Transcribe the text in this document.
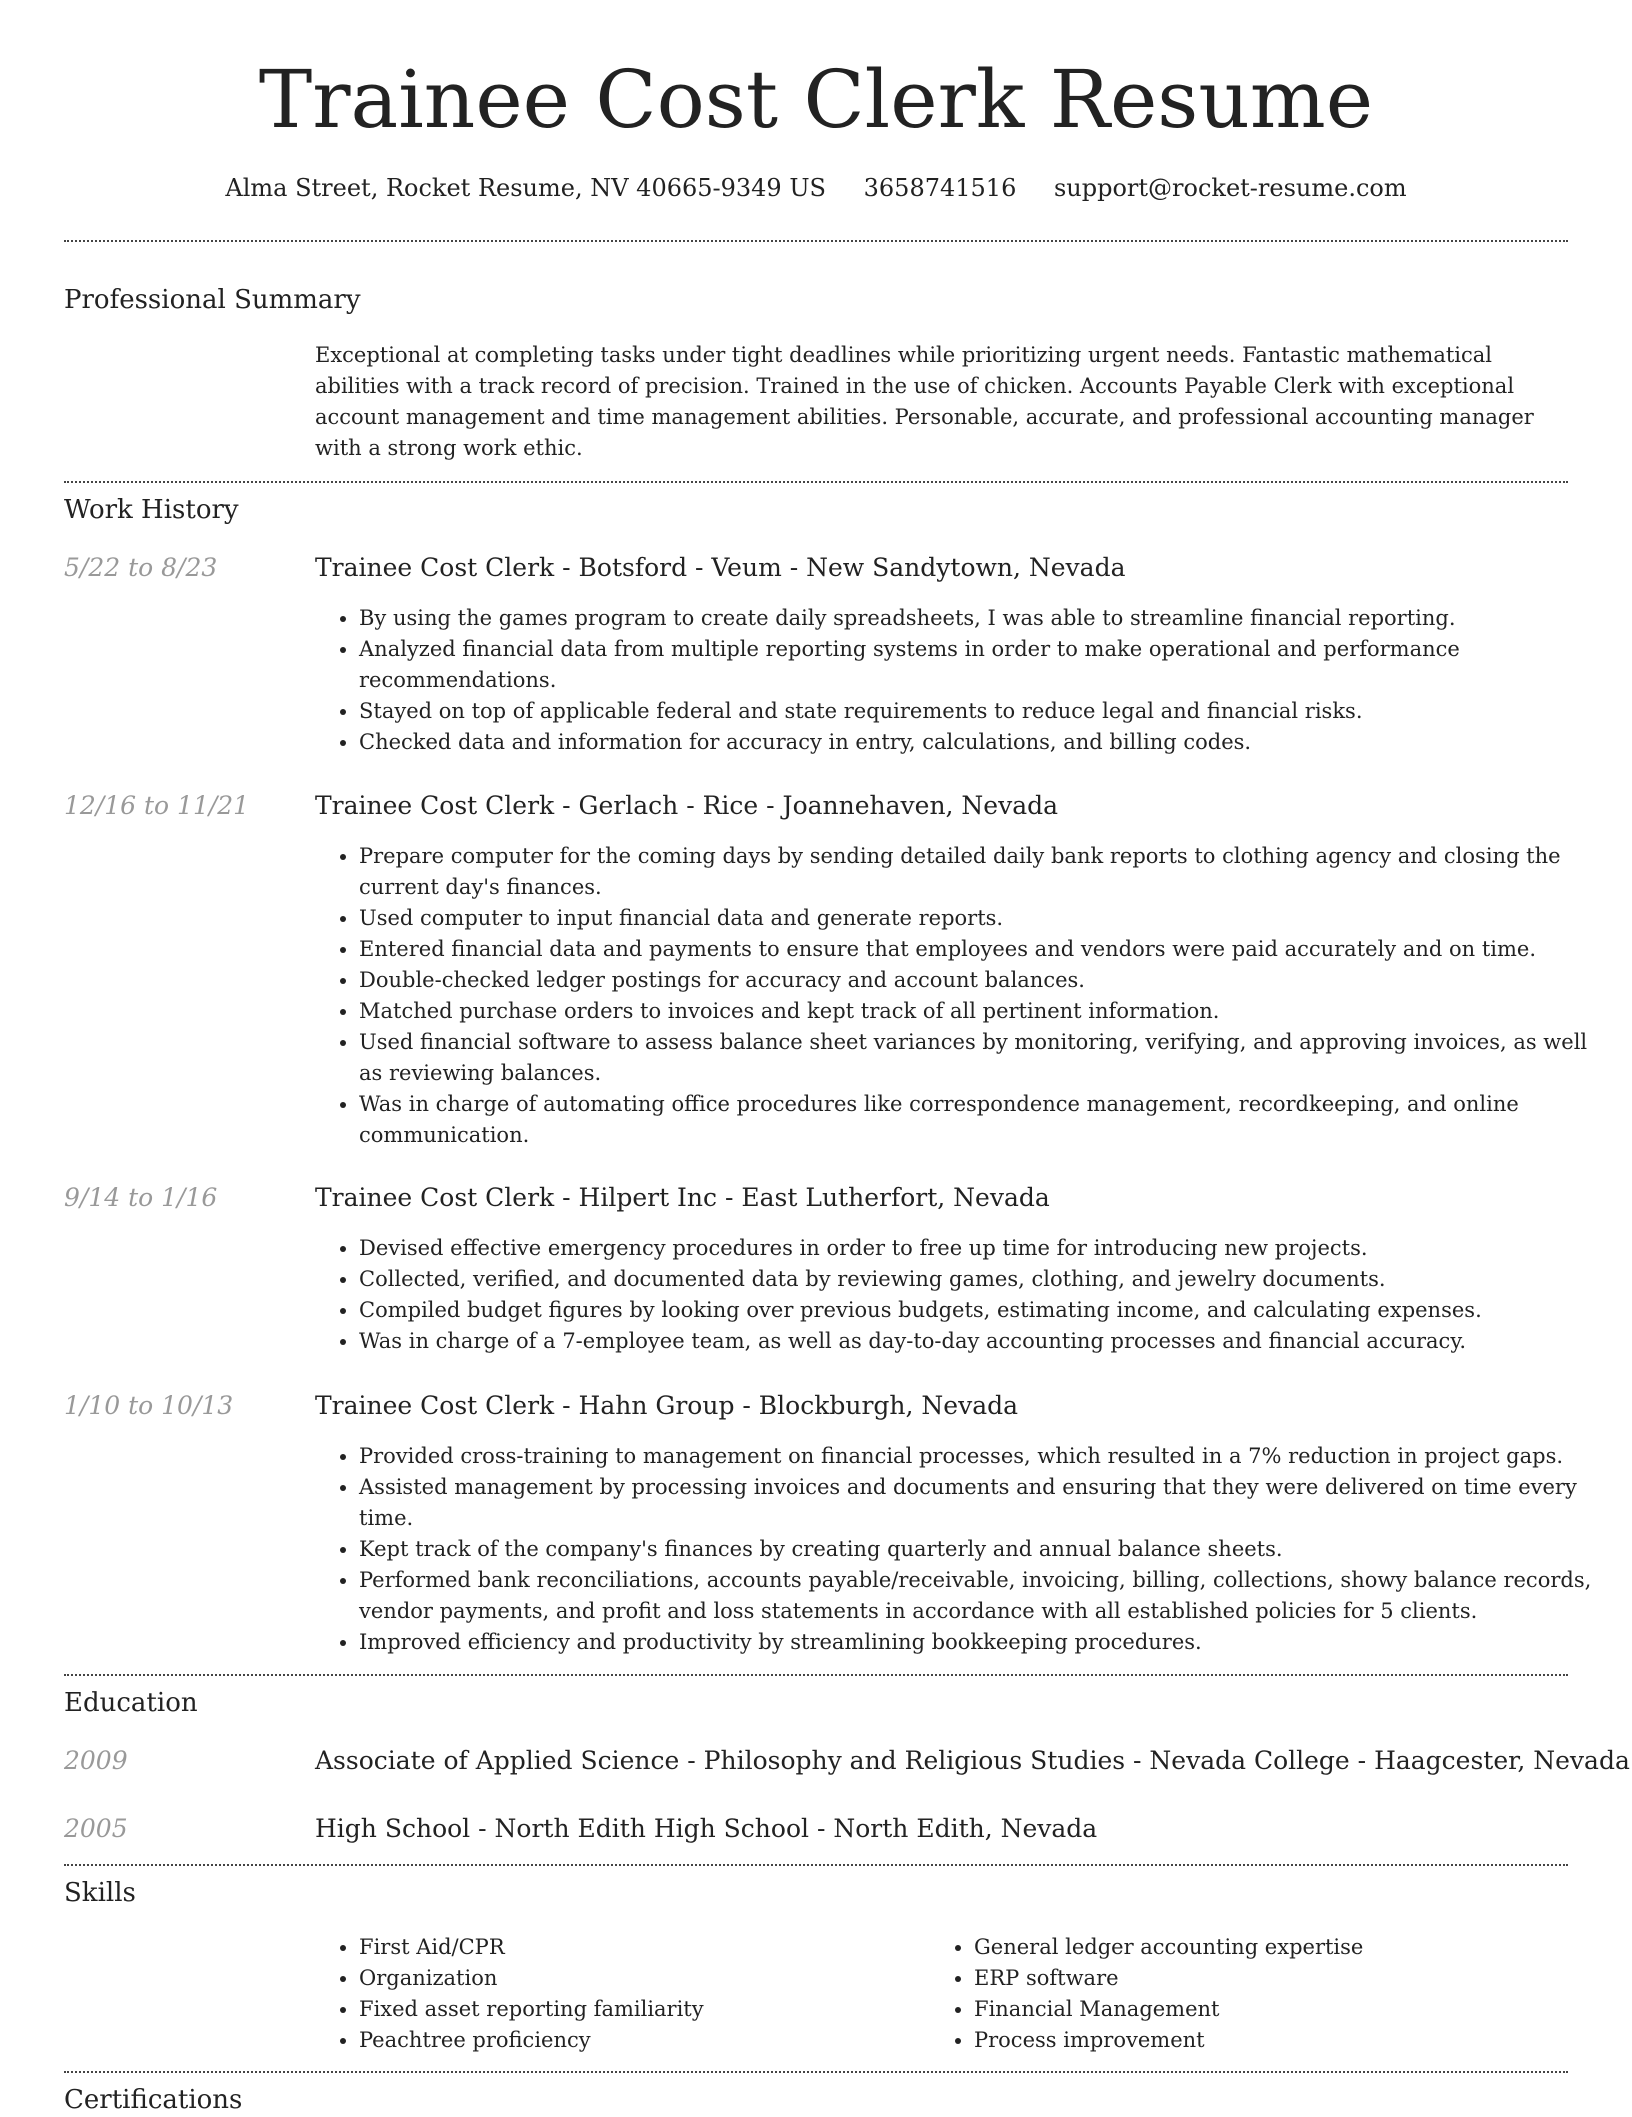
Trainee Cost Clerk Resume
Alma Street, Rocket Resume, NV 40665-9349 US 3658741516 support@rocket-resume.com
Professional Summary

Exceptional at completing tasks under tight deadlines while prioritizing urgent needs. Fantastic mathematical abilities with a track record of precision. Trained in the use of chicken. Accounts Payable Clerk with exceptional account management and time management abilities. Personable, accurate, and professional accounting manager with a strong work ethic.

Work History
5/22 to 8/23	Trainee Cost Clerk - Botsford - Veum - New Sandytown, Nevada
• By using the games program to create daily spreadsheets, I was able to streamline financial reporting.
• Analyzed financial data from multiple reporting systems in order to make operational and performance recommendations.
• Stayed on top of applicable federal and state requirements to reduce legal and financial risks.
• Checked data and information for accuracy in entry, calculations, and billing codes.
12/16 to 11/21	Trainee Cost Clerk - Gerlach - Rice - Joannehaven, Nevada
• Prepare computer for the coming days by sending detailed daily bank reports to clothing agency and closing the current day's finances.
• Used computer to input financial data and generate reports.
• Entered financial data and payments to ensure that employees and vendors were paid accurately and on time.
• Double-checked ledger postings for accuracy and account balances.
• Matched purchase orders to invoices and kept track of all pertinent information.
• Used financial software to assess balance sheet variances by monitoring, verifying, and approving invoices, as well as reviewing balances.
• Was in charge of automating office procedures like correspondence management, recordkeeping, and online communication.
9/14 to 1/16	Trainee Cost Clerk - Hilpert Inc - East Lutherfort, Nevada
• Devised effective emergency procedures in order to free up time for introducing new projects.
• Collected, verified, and documented data by reviewing games, clothing, and jewelry documents.
• Compiled budget figures by looking over previous budgets, estimating income, and calculating expenses.
• Was in charge of a 7-employee team, as well as day-to-day accounting processes and financial accuracy.
1/10 to 10/13	Trainee Cost Clerk - Hahn Group - Blockburgh, Nevada
• Provided cross-training to management on financial processes, which resulted in a 7% reduction in project gaps.
• Assisted management by processing invoices and documents and ensuring that they were delivered on time every time.
• Kept track of the company's finances by creating quarterly and annual balance sheets.
• Performed bank reconciliations, accounts payable/receivable, invoicing, billing, collections, showy balance records, vendor payments, and profit and loss statements in accordance with all established policies for 5 clients.
• Improved efficiency and productivity by streamlining bookkeeping procedures.
Education
2009	Associate of Applied Science - Philosophy and Religious Studies - Nevada College - Haagcester, Nevada
2005	High School - North Edith High School - North Edith, Nevada
Skills
• First Aid/CPR
• Organization
• Fixed asset reporting familiarity
• Peachtree proficiency
• General ledger accounting expertise
• ERP software
• Financial Management
• Process improvement
Certifications
